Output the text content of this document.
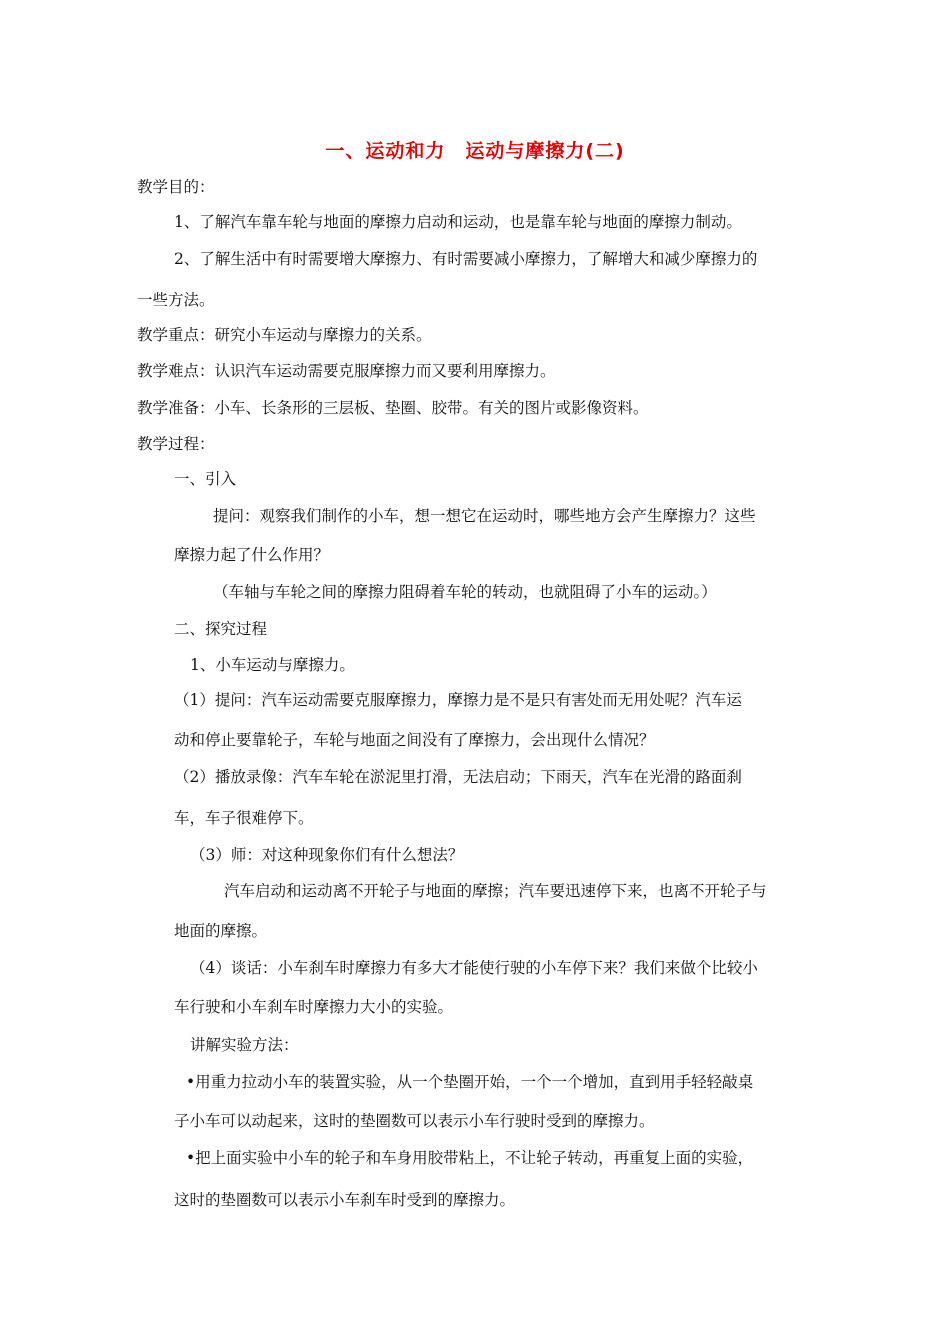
一、运动和力　运动与摩擦力(二)
教学目的：
1、了解汽车靠车轮与地面的摩擦力启动和运动，也是靠车轮与地面的摩擦力制动。
2、了解生活中有时需要增大摩擦力、有时需要减小摩擦力，了解增大和减少摩擦力的
一些方法。
教学重点：研究小车运动与摩擦力的关系。
教学难点：认识汽车运动需要克服摩擦力而又要利用摩擦力。
教学准备：小车、长条形的三层板、垫圈、胶带。有关的图片或影像资料。
教学过程：
一、引入
提问：观察我们制作的小车，想一想它在运动时，哪些地方会产生摩擦力？这些
摩擦力起了什么作用？
（车轴与车轮之间的摩擦力阻碍着车轮的转动，也就阻碍了小车的运动。）
二、探究过程
1、小车运动与摩擦力。
（1）提问：汽车运动需要克服摩擦力，摩擦力是不是只有害处而无用处呢？汽车运
动和停止要靠轮子，车轮与地面之间没有了摩擦力，会出现什么情况？
（2）播放录像：汽车车轮在淤泥里打滑，无法启动；下雨天，汽车在光滑的路面刹
车，车子很难停下。
（3）师：对这种现象你们有什么想法？
汽车启动和运动离不开轮子与地面的摩擦；汽车要迅速停下来，也离不开轮子与
地面的摩擦。
（4）谈话：小车刹车时摩擦力有多大才能使行驶的小车停下来？我们来做个比较小
车行驶和小车刹车时摩擦力大小的实验。
讲解实验方法：
•用重力拉动小车的装置实验，从一个垫圈开始，一个一个增加，直到用手轻轻敲桌
子小车可以动起来，这时的垫圈数可以表示小车行驶时受到的摩擦力。
•把上面实验中小车的轮子和车身用胶带粘上，不让轮子转动，再重复上面的实验，
这时的垫圈数可以表示小车刹车时受到的摩擦力。
